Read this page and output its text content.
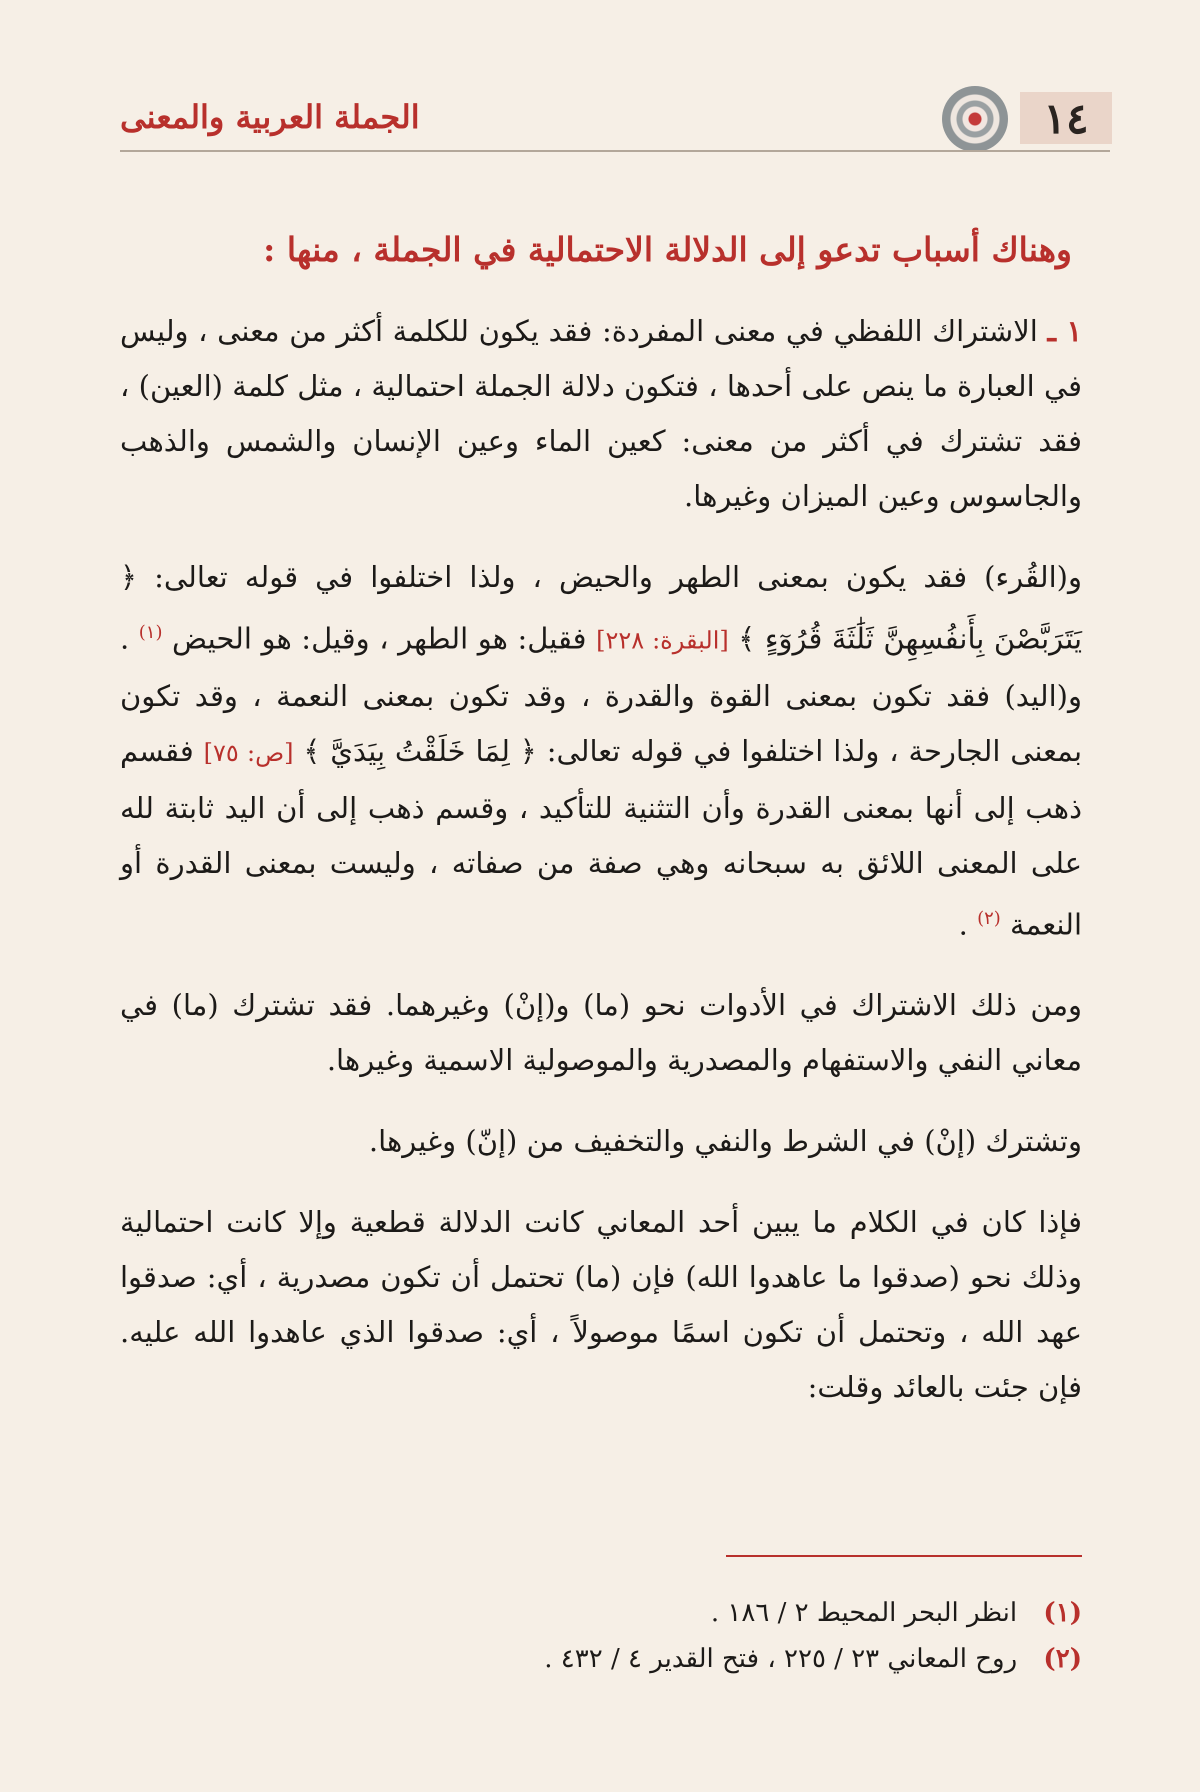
١٤
الجملة العربية والمعنى
وهناك أسباب تدعو إلى الدلالة الاحتمالية في الجملة ، منها :

١ ـ الاشتراك اللفظي في معنى المفردة: فقد يكون للكلمة أكثر من معنى ، وليس في العبارة ما ينص على أحدها ، فتكون دلالة الجملة احتمالية ، مثل كلمة (العين) ، فقد تشترك في أكثر من معنى: كعين الماء وعين الإنسان والشمس والذهب والجاسوس وعين الميزان وغيرها.

و(القُرء) فقد يكون بمعنى الطهر والحيض ، ولذا اختلفوا في قوله تعالى: ﴿ يَتَرَبَّصْنَ بِأَنفُسِهِنَّ ثَلَٰثَةَ قُرُوٓءٍ ﴾ [البقرة: ٢٢٨] فقيل: هو الطهر ، وقيل: هو الحيض $^{(١)}$ . و(اليد) فقد تكون بمعنى القوة والقدرة ، وقد تكون بمعنى النعمة ، وقد تكون بمعنى الجارحة ، ولذا اختلفوا في قوله تعالى: ﴿ لِمَا خَلَقْتُ بِيَدَيَّ ﴾ [ص: ٧٥] فقسم ذهب إلى أنها بمعنى القدرة وأن التثنية للتأكيد ، وقسم ذهب إلى أن اليد ثابتة لله على المعنى اللائق به سبحانه وهي صفة من صفاته ، وليست بمعنى القدرة أو النعمة $^{(٢)}$ .

ومن ذلك الاشتراك في الأدوات نحو (ما) و(إنْ) وغيرهما. فقد تشترك (ما) في معاني النفي والاستفهام والمصدرية والموصولية الاسمية وغيرها.

وتشترك (إنْ) في الشرط والنفي والتخفيف من (إنّ) وغيرها.

فإذا كان في الكلام ما يبين أحد المعاني كانت الدلالة قطعية وإلا كانت احتمالية وذلك نحو (صدقوا ما عاهدوا الله) فإن (ما) تحتمل أن تكون مصدرية ، أي: صدقوا عهد الله ، وتحتمل أن تكون اسمًا موصولاً ، أي: صدقوا الذي عاهدوا الله عليه. فإن جئت بالعائد وقلت:

(١) انظر البحر المحيط ٢ / ١٨٦ .
(٢) روح المعاني ٢٣ / ٢٢٥ ، فتح القدير ٤ / ٤٣٢ .
